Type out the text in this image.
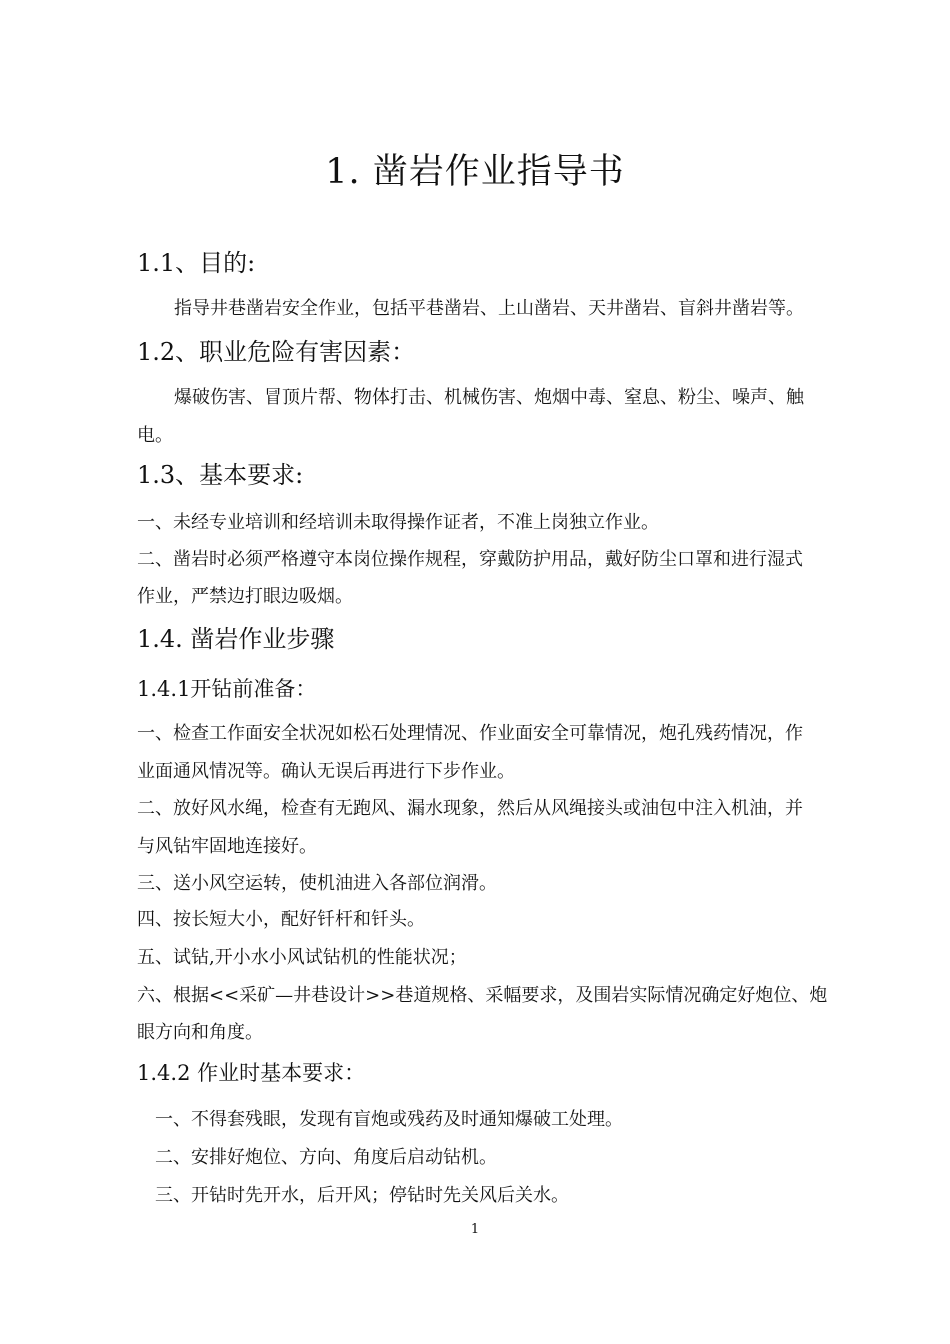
1. 凿岩作业指导书
1.1、目的:

指导井巷凿岩安全作业，包括平巷凿岩、上山凿岩、天井凿岩、盲斜井凿岩等。

1.2、职业危险有害因素：

爆破伤害、冒顶片帮、物体打击、机械伤害、炮烟中毒、窒息、粉尘、噪声、触

电。

1.3、基本要求:

一、未经专业培训和经培训未取得操作证者，不准上岗独立作业。

二、凿岩时必须严格遵守本岗位操作规程，穿戴防护用品，戴好防尘口罩和进行湿式

作业，严禁边打眼边吸烟。

1.4. 凿岩作业步骤
1.4.1开钻前准备：

一、检查工作面安全状况如松石处理情况、作业面安全可靠情况，炮孔残药情况，作

业面通风情况等。确认无误后再进行下步作业。

二、放好风水绳，检查有无跑风、漏水现象，然后从风绳接头或油包中注入机油，并

与风钻牢固地连接好。

三、送小风空运转，使机油进入各部位润滑。

四、按长短大小，配好钎杆和钎头。

五、试钻,开小水小风试钻机的性能状况；

六、根据<<采矿—井巷设计>>巷道规格、采幅要求，及围岩实际情况确定好炮位、炮

眼方向和角度。

1.4.2 作业时基本要求：

一、不得套残眼，发现有盲炮或残药及时通知爆破工处理。

二、安排好炮位、方向、角度后启动钻机。

三、开钻时先开水，后开风；停钻时先关风后关水。

1
